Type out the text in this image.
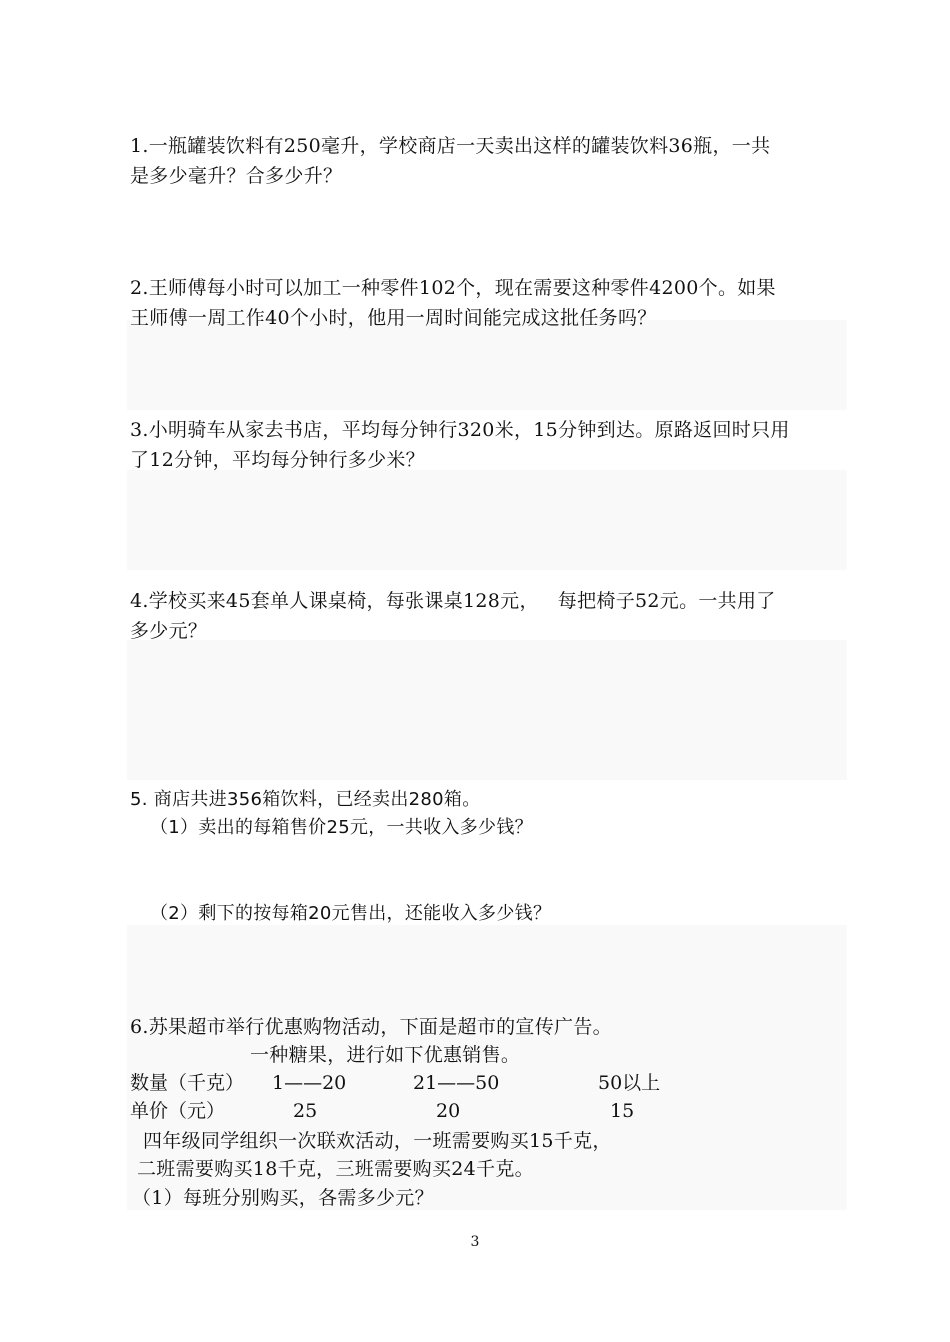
1.一瓶罐装饮料有250毫升，学校商店一天卖出这样的罐装饮料36瓶，一共
是多少毫升？合多少升？
2.王师傅每小时可以加工一种零件102个，现在需要这种零件4200个。如果
王师傅一周工作40个小时，他用一周时间能完成这批任务吗？
3.小明骑车从家去书店，平均每分钟行320米，15分钟到达。原路返回时只用
了12分钟，平均每分钟行多少米？
4.学校买来45套单人课桌椅，每张课桌128元，   每把椅子52元。一共用了
多少元？
5. 商店共进356箱饮料，已经卖出280箱。
（1）卖出的每箱售价25元，一共收入多少钱？
（2）剩下的按每箱20元售出，还能收入多少钱？
6.苏果超市举行优惠购物活动，下面是超市的宣传广告。
一种糖果，进行如下优惠销售。
数量（千克） 1——20	21——50	50以上
单价（元）	25	20	15
四年级同学组织一次联欢活动，一班需要购买15千克，
二班需要购买18千克，三班需要购买24千克。
（1）每班分别购买，各需多少元？
3
